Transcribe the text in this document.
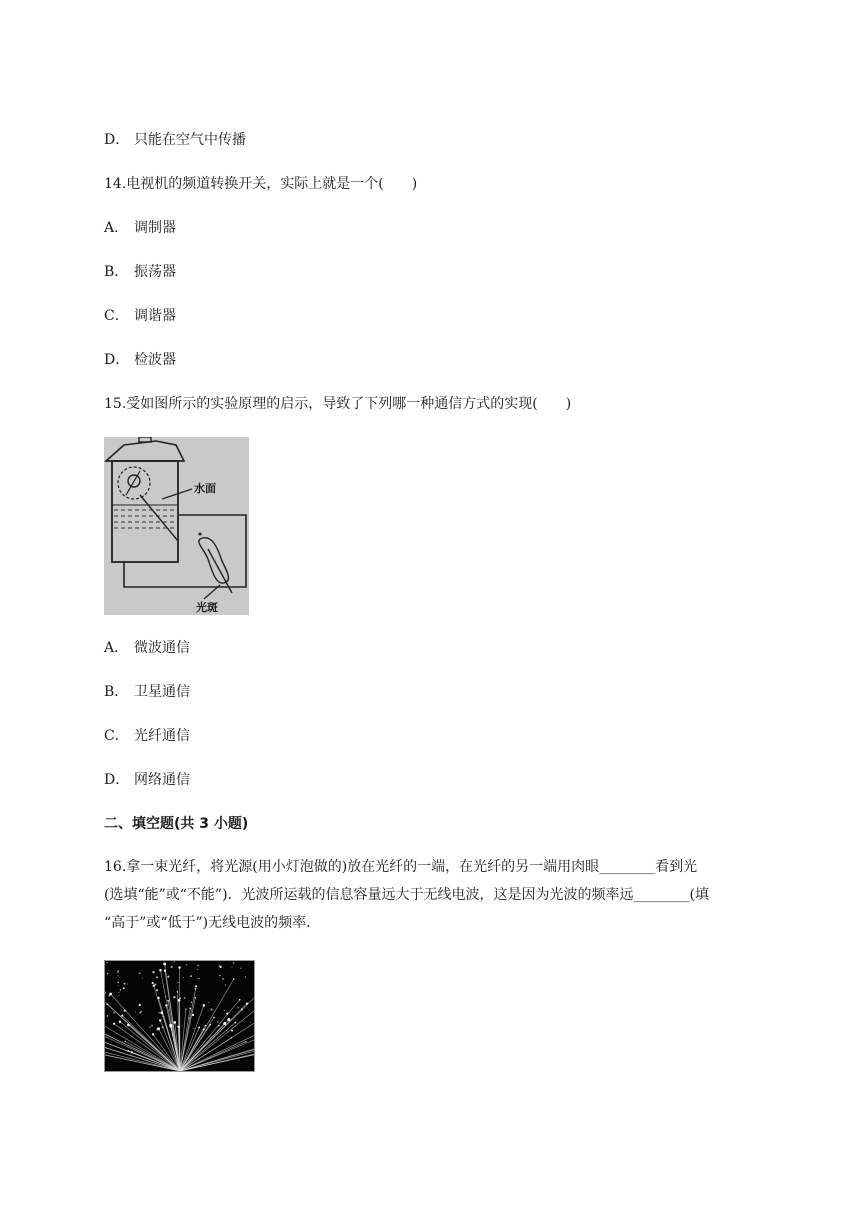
D． 只能在空气中传播
14.电视机的频道转换开关，实际上就是一个(　　)
A． 调制器
B． 振荡器
C． 调谐器
D． 检波器
15.受如图所示的实验原理的启示，导致了下列哪一种通信方式的实现(　　)
水面
光斑
A． 微波通信
B． 卫星通信
C． 光纤通信
D． 网络通信
二、填空题(共 3 小题)
16.拿一束光纤，将光源(用小灯泡做的)放在光纤的一端，在光纤的另一端用肉眼________看到光
(选填“能”或“不能”)．光波所运载的信息容量远大于无线电波，这是因为光波的频率远________(填
“高于”或“低于”)无线电波的频率．
